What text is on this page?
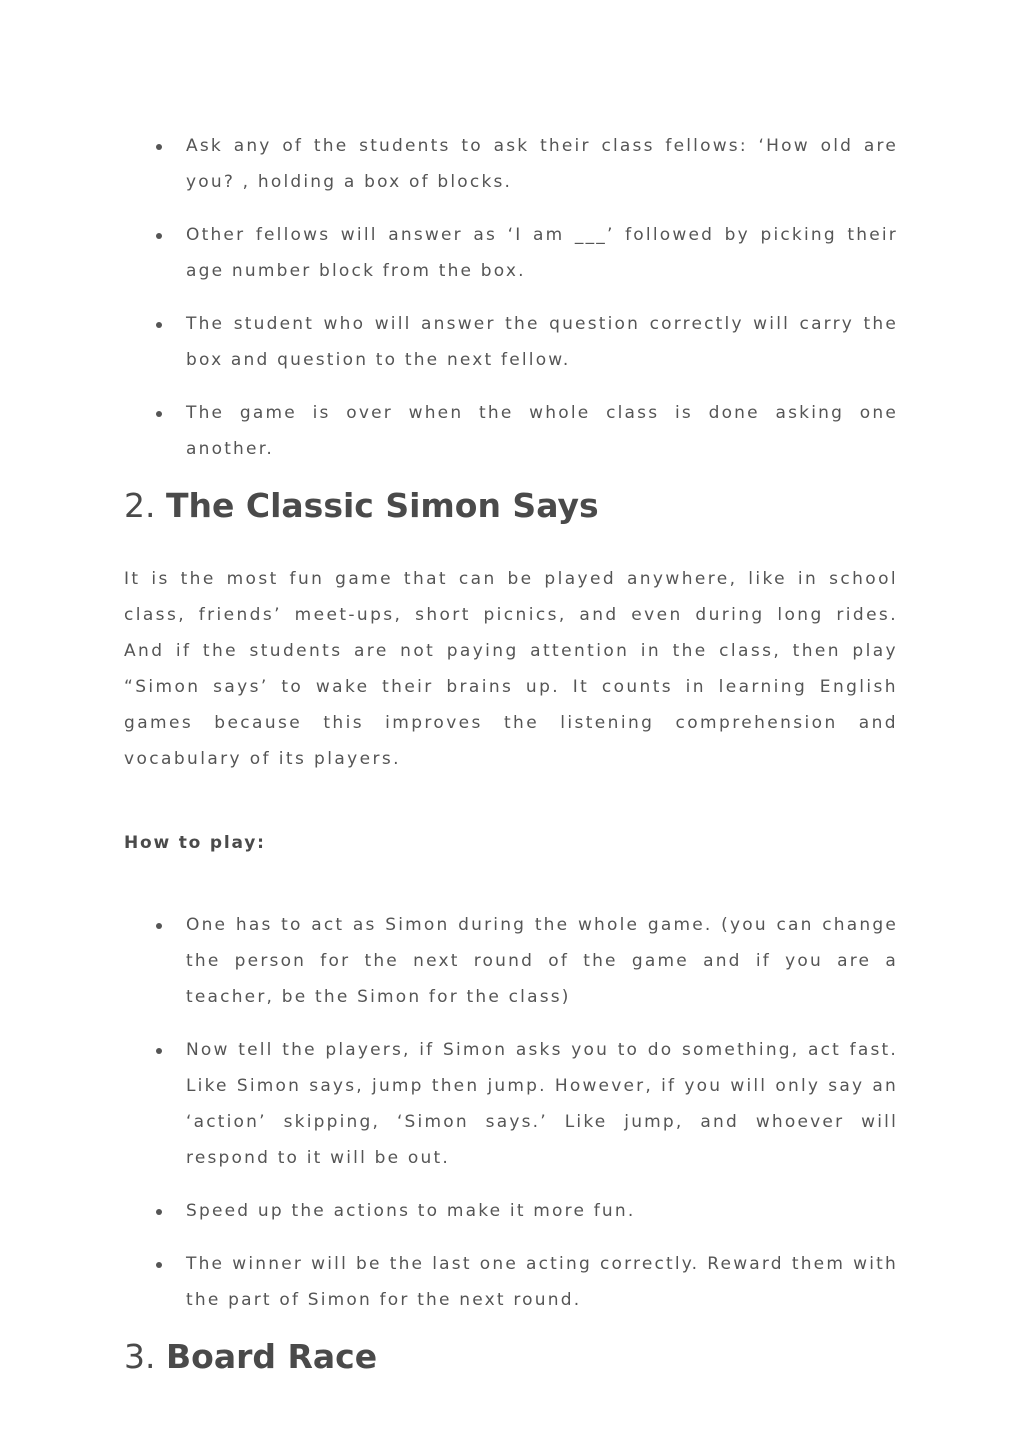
Ask any of the students to ask their class fellows: ‘How old are you? , holding a box of blocks.
Other fellows will answer as ‘I am ___’ followed by picking their age number block from the box.
The student who will answer the question correctly will carry the box and question to the next fellow.
The game is over when the whole class is done asking one another.
2. The Classic Simon Says

It is the most fun game that can be played anywhere, like in school class, friends’ meet-ups, short picnics, and even during long rides. And if the students are not paying attention in the class, then play “Simon says’ to wake their brains up. It counts in learning English games because this improves the listening comprehension and vocabulary of its players.

How to play:

One has to act as Simon during the whole game. (you can change the person for the next round of the game and if you are a teacher, be the Simon for the class)
Now tell the players, if Simon asks you to do something, act fast. Like Simon says, jump then jump. However, if you will only say an ‘action’ skipping, ‘Simon says.’ Like jump, and whoever will respond to it will be out.
Speed up the actions to make it more fun.
The winner will be the last one acting correctly. Reward them with the part of Simon for the next round.
3. Board Race
